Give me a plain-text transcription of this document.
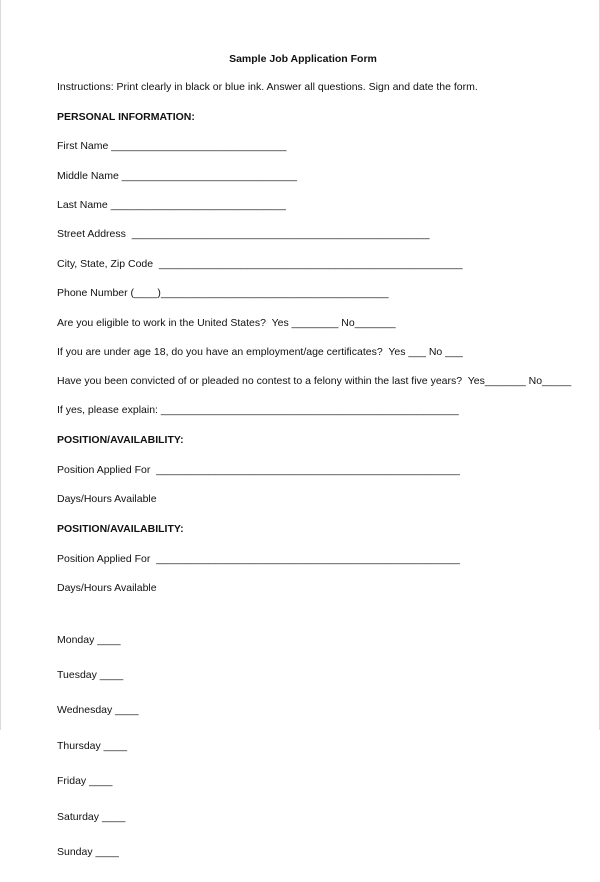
Sample Job Application Form
Instructions: Print clearly in black or blue ink. Answer all questions. Sign and date the form.
PERSONAL INFORMATION:
First Name ______________________________
Middle Name ______________________________
Last Name ______________________________
Street Address  ___________________________________________________
City, State, Zip Code  ____________________________________________________
Phone Number (____)_______________________________________
Are you eligible to work in the United States?  Yes ________ No_______
If you are under age 18, do you have an employment/age certificates?  Yes ___ No ___
Have you been convicted of or pleaded no contest to a felony within the last five years?  Yes_______ No_____
If yes, please explain: ___________________________________________________
POSITION/AVAILABILITY:
Position Applied For  ____________________________________________________
Days/Hours Available
POSITION/AVAILABILITY:
Position Applied For  ____________________________________________________
Days/Hours Available

Monday ____

Tuesday ____

Wednesday ____

Thursday ____

Friday ____

Saturday ____

Sunday ____
